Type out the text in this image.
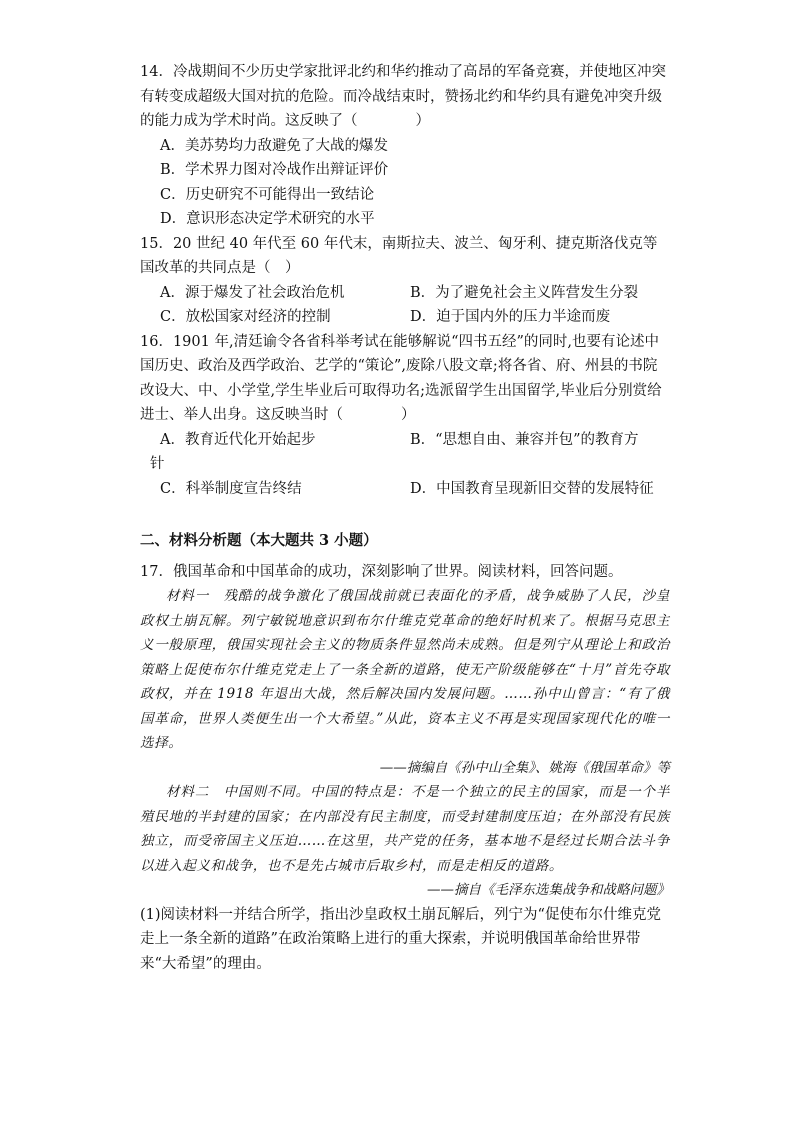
14．冷战期间不少历史学家批评北约和华约推动了高昂的军备竞赛，并使地区冲突有转变成超级大国对抗的危险。而冷战结束时，赞扬北约和华约具有避免冲突升级的能力成为学术时尚。这反映了（　　　　）

A．美苏势均力敌避免了大战的爆发

B．学术界力图对冷战作出辩证评价

C．历史研究不可能得出一致结论

D．意识形态决定学术研究的水平

15．20 世纪 40 年代至 60 年代末，南斯拉夫、波兰、匈牙利、捷克斯洛伐克等国改革的共同点是（　）

A．源于爆发了社会政治危机	B．为了避免社会主义阵营发生分裂
C．放松国家对经济的控制	D．迫于国内外的压力半途而废

16．1901 年,清廷谕令各省科举考试在能够解说“四书五经”的同时,也要有论述中国历史、政治及西学政治、艺学的“策论”,废除八股文章;将各省、府、州县的书院改设大、中、小学堂,学生毕业后可取得功名;选派留学生出国留学,毕业后分别赏给进士、举人出身。这反映当时（　　　　）

A．教育近代化开始起步	B．“思想自由、兼容并包”的教育方
针
C．科举制度宣告终结	D．中国教育呈现新旧交替的发展特征
二、材料分析题（本大题共 3 小题）

17．俄国革命和中国革命的成功，深刻影响了世界。阅读材料，回答问题。

材料一　残酷的战争激化了俄国战前就已表面化的矛盾，战争威胁了人民，沙皇政权土崩瓦解。列宁敏锐地意识到布尔什维克党革命的绝好时机来了。根据马克思主义一般原理，俄国实现社会主义的物质条件显然尚未成熟。但是列宁从理论上和政治策略上促使布尔什维克党走上了一条全新的道路，使无产阶级能够在“十月”首先夺取政权，并在 1918 年退出大战，然后解决国内发展问题。……孙中山曾言：“有了俄国革命，世界人类便生出一个大希望。”从此，资本主义不再是实现国家现代化的唯一选择。

——摘编自《孙中山全集》、姚海《俄国革命》等

材料二　中国则不同。中国的特点是：不是一个独立的民主的国家，而是一个半殖民地的半封建的国家；在内部没有民主制度，而受封建制度压迫；在外部没有民族独立，而受帝国主义压迫……在这里，共产党的任务，基本地不是经过长期合法斗争以进入起义和战争，也不是先占城市后取乡村，而是走相反的道路。

——摘自《毛泽东选集战争和战略问题》

(1)阅读材料一并结合所学，指出沙皇政权土崩瓦解后，列宁为“促使布尔什维克党走上一条全新的道路”在政治策略上进行的重大探索，并说明俄国革命给世界带来“大希望”的理由。
